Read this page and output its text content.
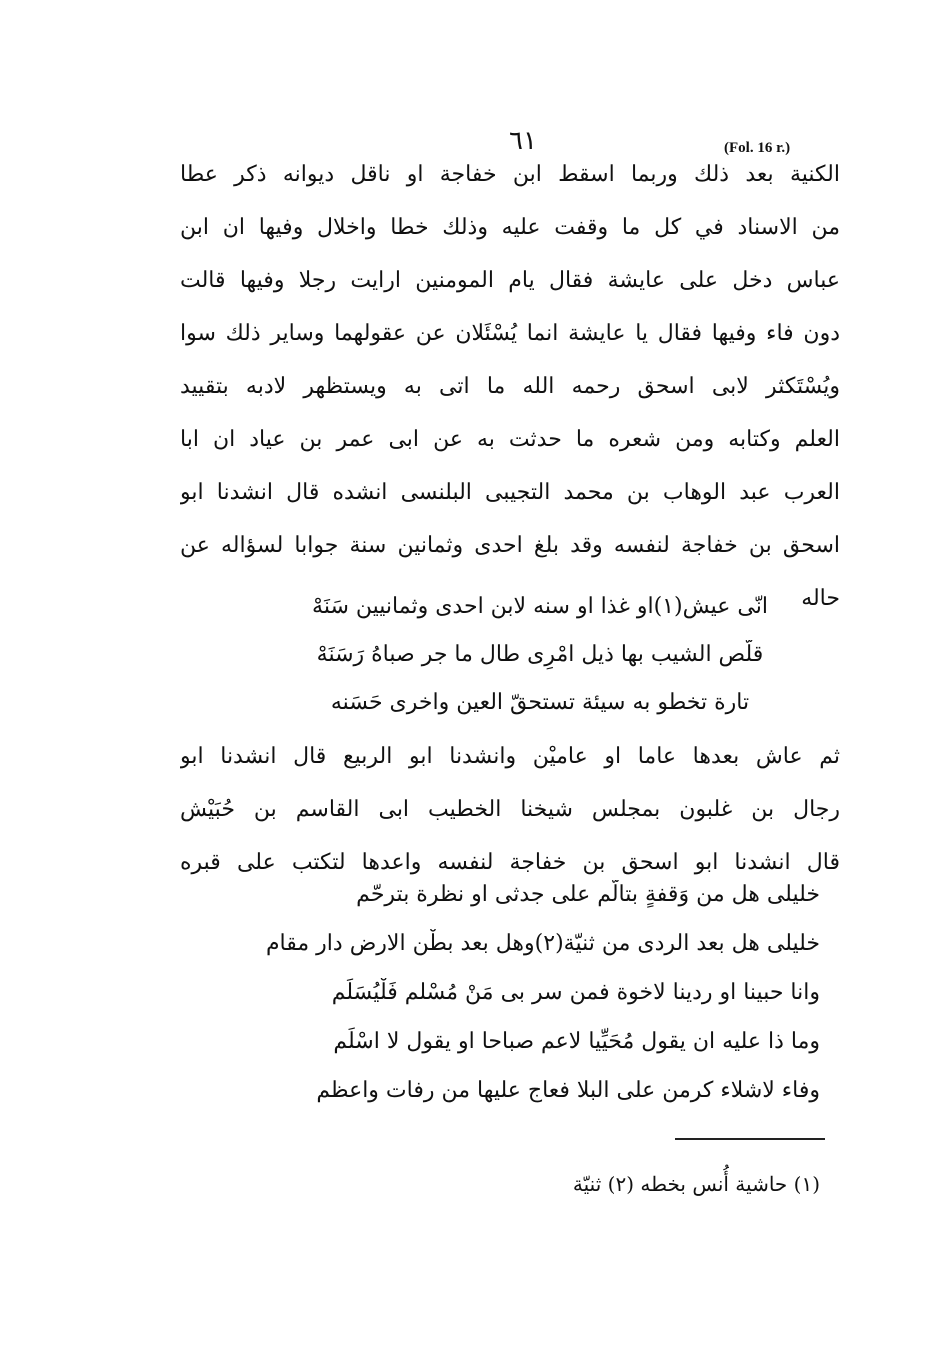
٦١	(Fol. 16 r.)
الكنية بعد ذلك وربما اسقط ابن خفاجة او ناقل ديوانه ذكر عطا
من الاسناد في كل ما وقفت عليه وذلك خطا واخلال وفيها ان ابن
عباس دخل على عايشة فقال يام المومنين ارايت رجلا وفيها قالت
دون فاء وفيها فقال يا عايشة انما يُسْئَلان عن عقولهما وساير ذلك سوا
ويُسْتَكثر لابى اسحق رحمه الله ما اتى به ويستظهر لادبه بتقييد
العلم وكتابه ومن شعره ما حدثت به عن ابى عمر بن عياد ان ابا
العرب عبد الوهاب بن محمد التجيبى البلنسى انشده قال انشدنا ابو
اسحق بن خفاجة لنفسه وقد بلغ احدى وثمانين سنة جوابا لسؤاله عن
حاله
انّى عيش(١)او غذا او سنه لابن احدى وثمانيين سَنَهْ
قلّص الشيب بها ذيل امْرِى طال ما جر صباهُ رَسَنَهْ
تارة تخطو به سيئة تستحقّ العين واخرى حَسَنه
ثم عاش بعدها عاما او عاميْن وانشدنا ابو الربيع قال انشدنا ابو
رجال بن غلبون بمجلس شيخنا الخطيب ابى القاسم بن حُبَيْش
قال انشدنا ابو اسحق بن خفاجة لنفسه واعدها لتكتب على قبره
خليلى هل من وَقفةٍ بتالّم على جدثى او نظرة بترحّم
خليلى هل بعد الردى من ثنيّة(٢)وهل بعد بطْن الارض دار مقام
وانا حبينا او ردينا لاخوة فمن سر بى مَنْ مُسْلم فَلْيُسَلِّم
وما ذا عليه ان يقول مُحَيِّيا لاعم صباحا او يقول لا اسْلَم
وفاء لاشلاء كرمن على البلا فعاج عليها من رفات واعظم
(١) حاشية أُنس بخطه (٢) ثنيّة
